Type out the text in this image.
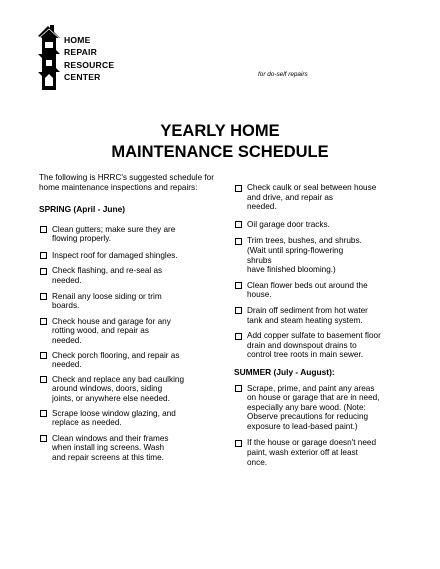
HOME
REPAIR
RESOURCE
CENTER	for do-self repairs
YEARLY HOME
MAINTENANCE SCHEDULE
The following is HRRC's suggested schedule for home maintenance inspections and repairs:
SPRING (April - June)
Clean gutters; make sure they are
flowing properly.
Inspect roof for damaged shingles.
Check flashing, and re-seal as
needed.
Renail any loose siding or trim
boards.
Check house and garage for any
rotting wood, and repair as
needed.
Check porch flooring, and repair as
needed.
Check and replace any bad caulking
around windows, doors, siding
joints, or anywhere else needed.
Scrape loose window glazing, and
replace as needed.
Clean windows and their frames
when install ing screens. Wash
and repair screens at this time.
Check caulk or seal between house
and drive, and repair as
needed.
Oil garage door tracks.
Trim trees, bushes, and shrubs.
(Wait until spring-flowering
shrubs
have finished blooming.)
Clean flower beds out around the
house.
Drain off sediment from hot water
tank and steam heating system.
Add copper sulfate to basement floor
drain and downspout drains to
control tree roots in main sewer.
SUMMER (July - August):
Scrape, prime, and paint any areas
on house or garage that are in need,
especially any bare wood. (Note:
Observe precautions for reducing
exposure to lead-based paint.)
If the house or garage doesn't need
paint, wash exterior off at least
once.
